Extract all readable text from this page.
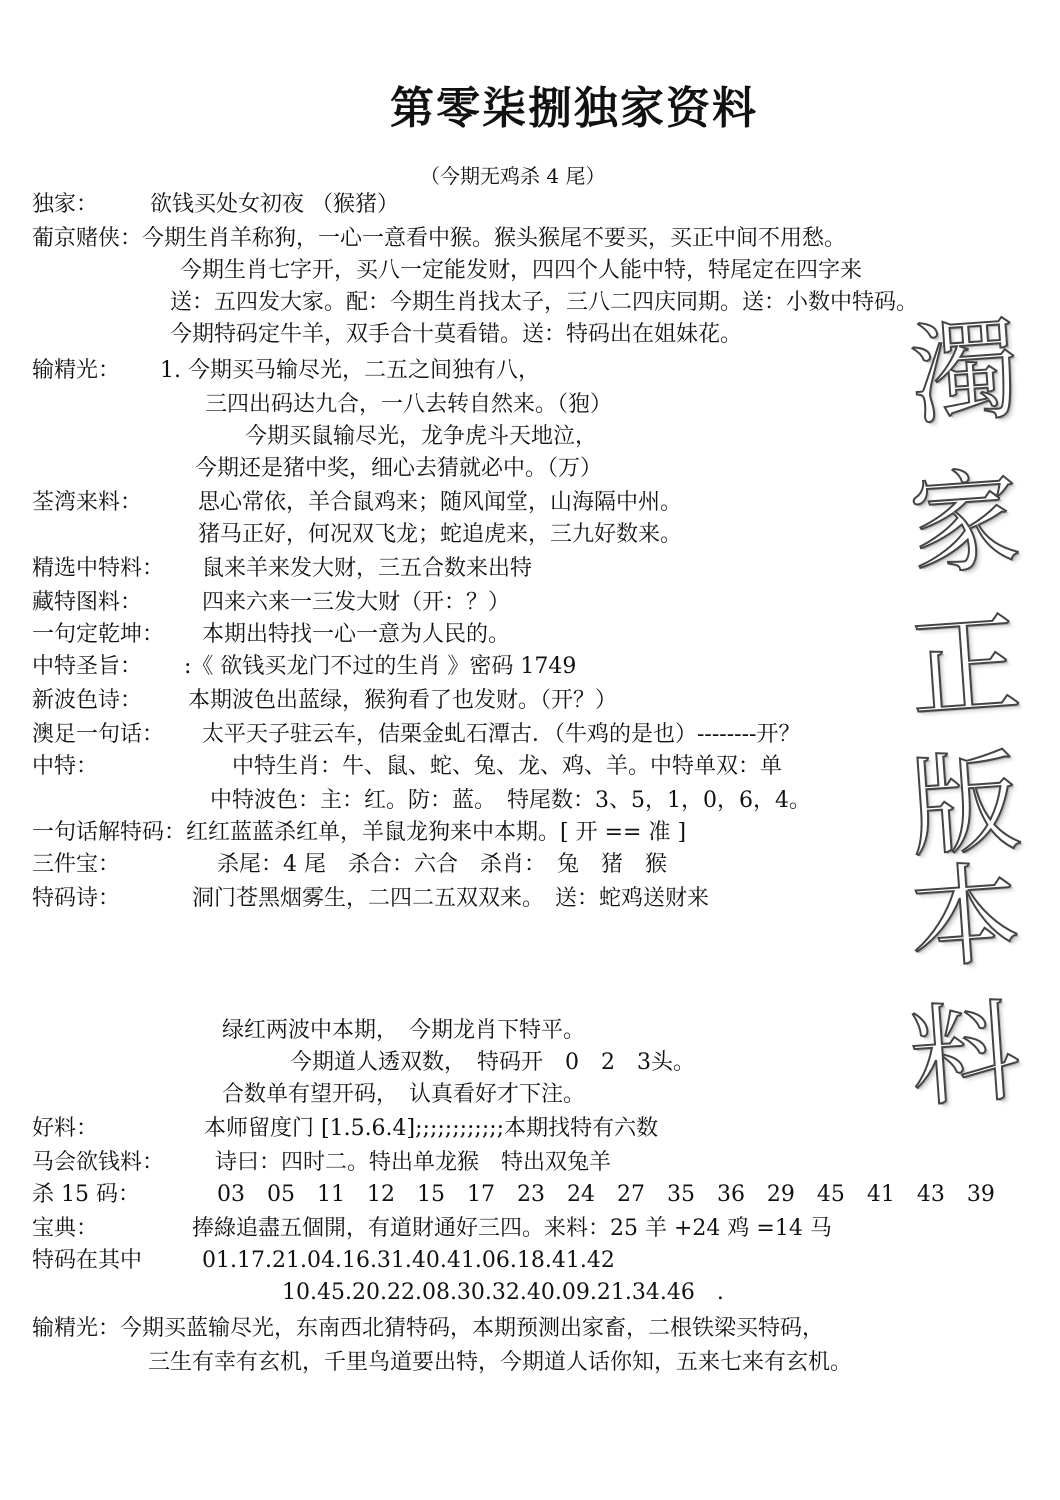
第零柒捌独家资料
（今期无鸡杀 4 尾）
濁
家
正
版
本
料
独家： 欲钱买处女初夜 （猴猪）
葡京赌侠：今期生肖羊称狗，一心一意看中猴。猴头猴尾不要买，买正中间不用愁。
今期生肖七字开，买八一定能发财，四四个人能中特，特尾定在四字来
送：五四发大家。配：今期生肖找太子，三八二四庆同期。送：小数中特码。
今期特码定牛羊，双手合十莫看错。送：特码出在姐妹花。
输精光： 1. 今期买马输尽光，二五之间独有八，
三四出码达九合，一八去转自然来。（狍）
今期买鼠输尽光，龙争虎斗天地泣，
今期还是猪中奖，细心去猜就必中。（万）
荃湾来料：	思心常依，羊合鼠鸡来；随风闻堂，山海隔中州。
猪马正好，何况双飞龙；蛇追虎来，三九好数来。
精选中特料： 鼠来羊来发大财，三五合数来出特
藏特图料：	四来六来一三发大财（开：？）
一句定乾坤： 本期出特找一心一意为人民的。
中特圣旨： :《 欲钱买龙门不过的生肖 》密码 1749
新波色诗： 本期波色出蓝绿，猴狗看了也发财。（开？）
澳足一句话： 太平天子驻云车，佶栗金虬石潭古．（牛鸡的是也）--------开？
中特：	中特生肖：牛、鼠、蛇、兔、龙、鸡、羊。中特单双：单
中特波色：主：红。防：蓝。　特尾数：3、5，1，0，6，4。
一句话解特码：红红蓝蓝杀红单，羊鼠龙狗来中本期。[ 开 == 准 ]
三件宝：	杀尾：4 尾　杀合：六合　杀肖：　兔　猪　猴
特码诗：	洞门苍黑烟雾生，二四二五双双来。　送：蛇鸡送财来
绿红两波中本期，　今期龙肖下特平。
今期道人透双数，　特码开　0　2　3头。
合数单有望开码，　认真看好才下注。
好料：	本师留度门 [1.5.6.4];;;;;;;;;;;;本期找特有六数
马会欲钱料： 诗曰：四时二。特出单龙猴　特出双兔羊
杀 15 码：	03　05　11　12　15　17　23　24　27　35　36　29　45　41　43　39
宝典：	捧綠追盡五個開，有道財通好三四。来料：25 羊 +24 鸡 =14 马
特码在其中	01.17.21.04.16.31.40.41.06.18.41.42
10.45.20.22.08.30.32.40.09.21.34.46　.
输精光：今期买蓝输尽光，东南西北猜特码，本期预测出家畜，二根铁梁买特码，
三生有幸有玄机，千里鸟道要出特，今期道人话你知，五来七来有玄机。
